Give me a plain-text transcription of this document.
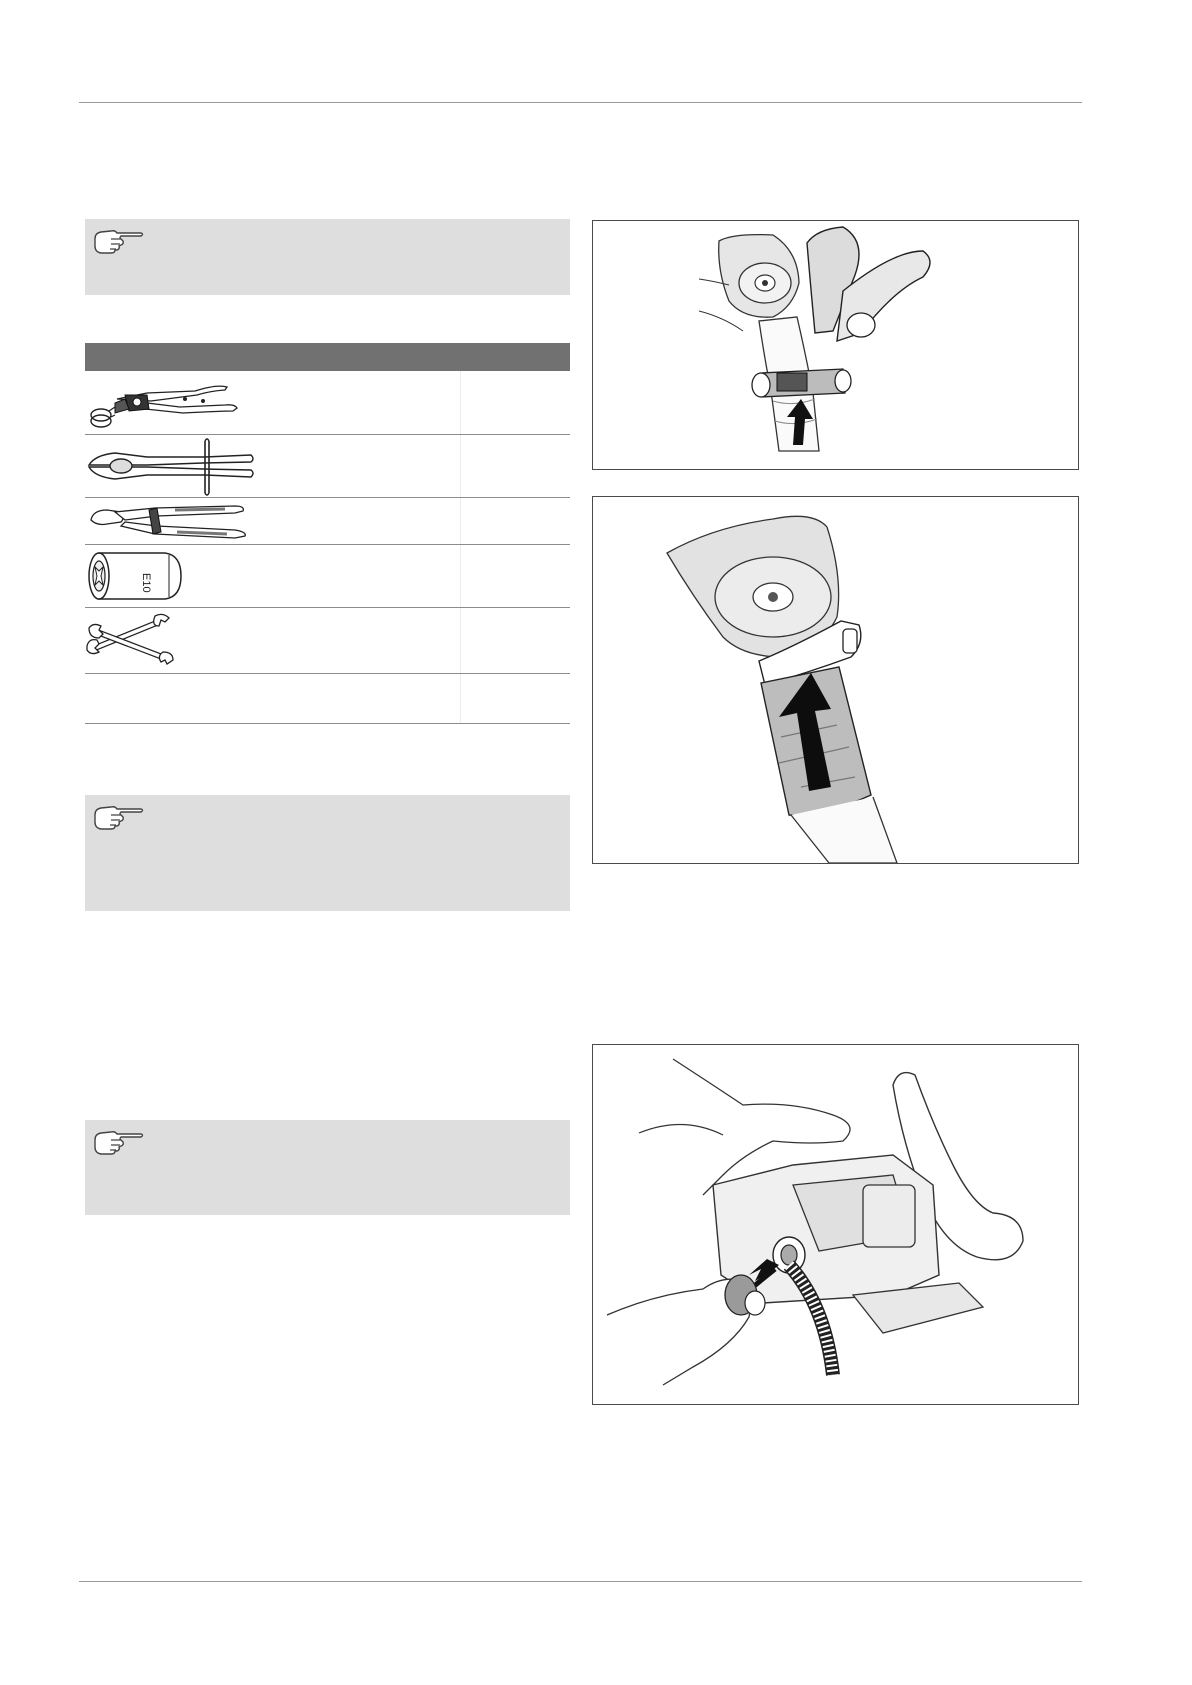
E10
